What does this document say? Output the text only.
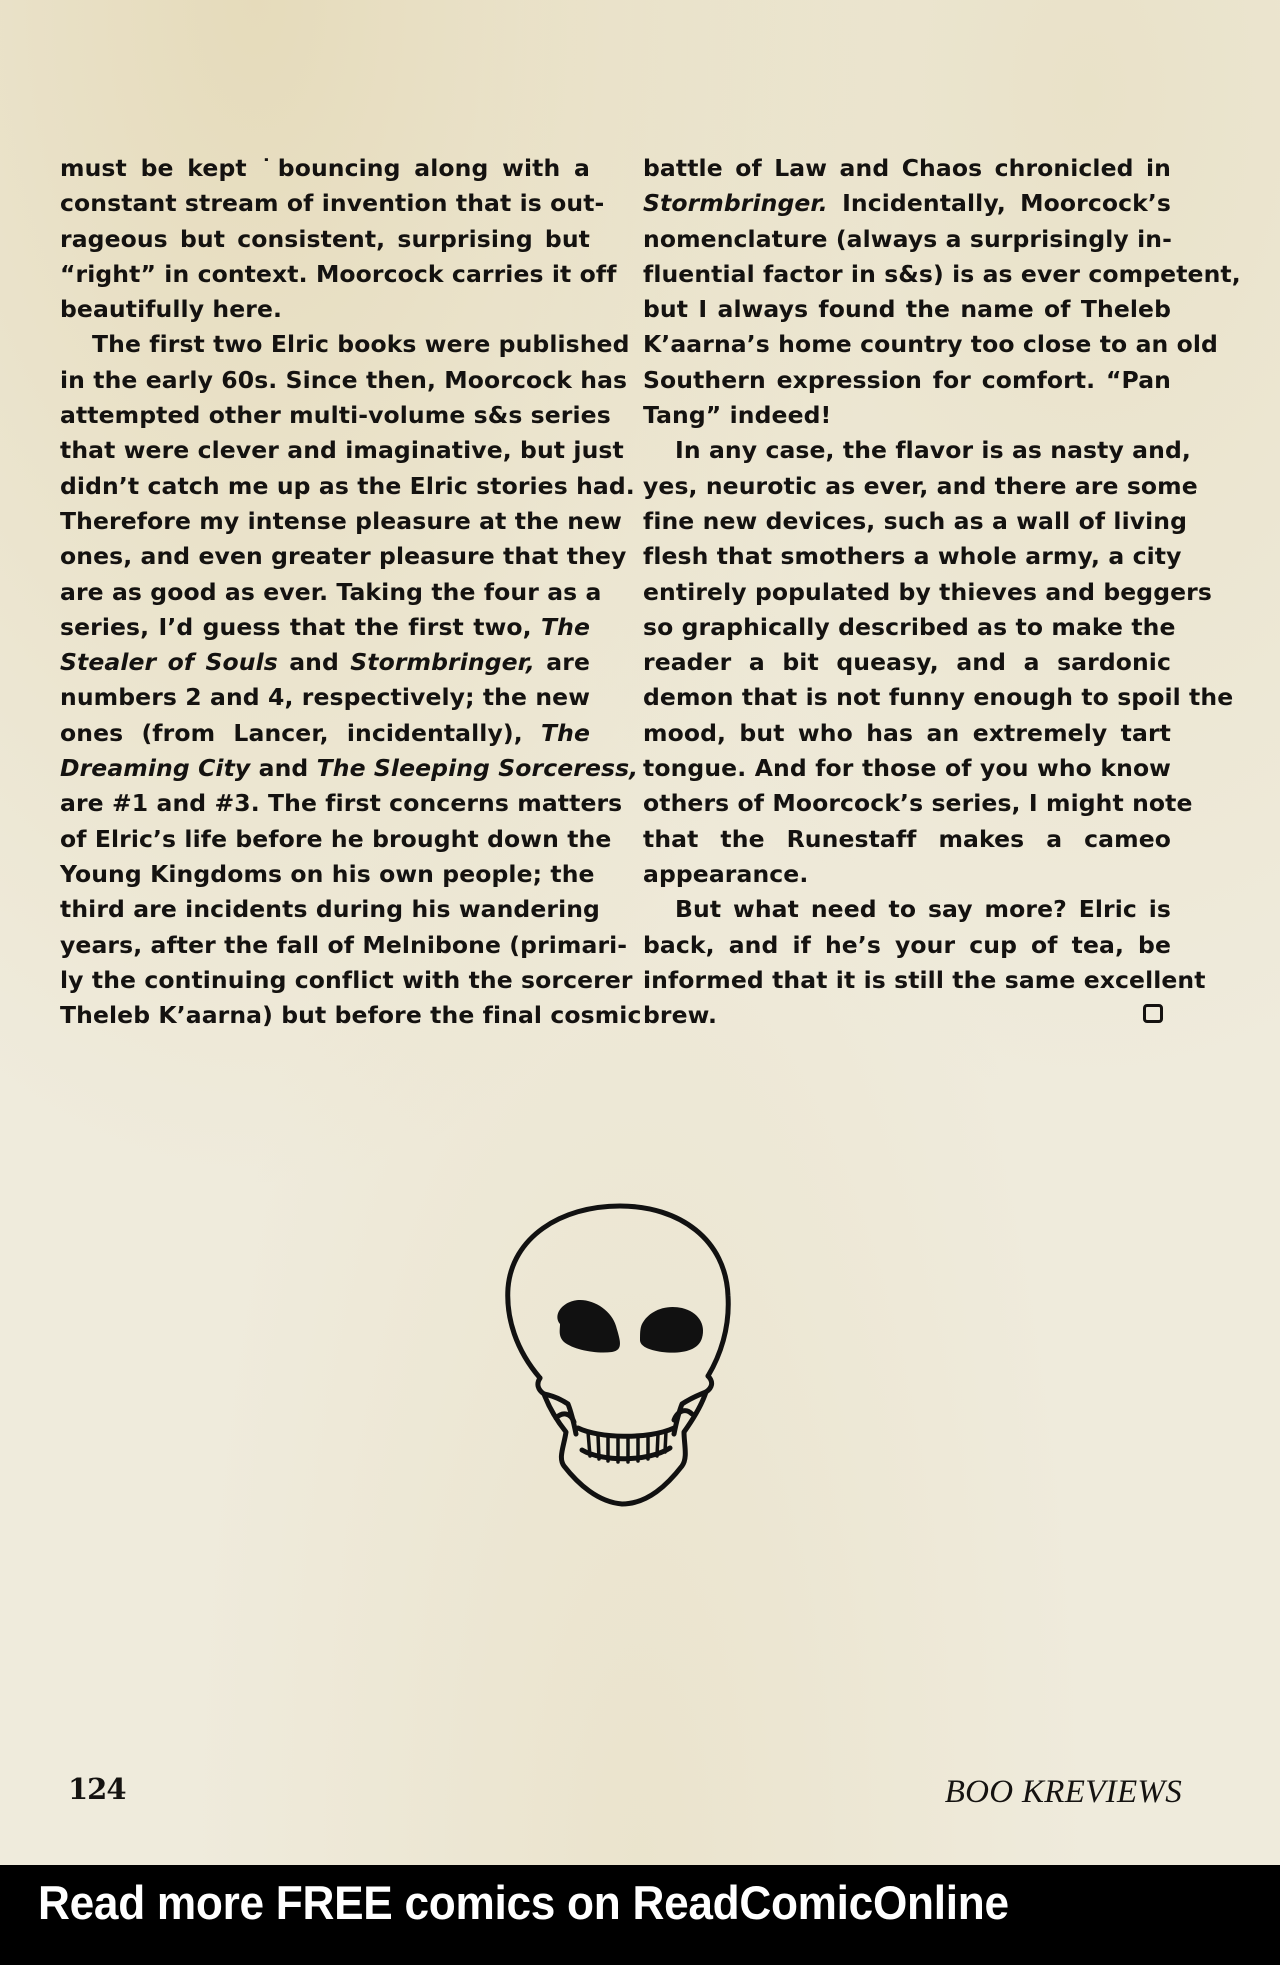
must be kept ˙bouncing along with a
constant stream of invention that is out-
rageous but consistent, surprising but
“right” in context. Moorcock carries it off
beautifully here.
The first two Elric books were published
in the early 60s. Since then, Moorcock has
attempted other multi-volume s&s series
that were clever and imaginative, but just
didn’t catch me up as the Elric stories had.
Therefore my intense pleasure at the new
ones, and even greater pleasure that they
are as good as ever. Taking the four as a
series, I’d guess that the first two, The
Stealer of Souls and Stormbringer, are
numbers 2 and 4, respectively; the new
ones (from Lancer, incidentally), The
Dreaming City and The Sleeping Sorceress,
are #1 and #3. The first concerns matters
of Elric’s life before he brought down the
Young Kingdoms on his own people; the
third are incidents during his wandering
years, after the fall of Melnibone (primari-
ly the continuing conflict with the sorcerer
Theleb K’aarna) but before the final cosmic
battle of Law and Chaos chronicled in
Stormbringer. Incidentally, Moorcock’s
nomenclature (always a surprisingly in-
fluential factor in s&s) is as ever competent,
but I always found the name of Theleb
K’aarna’s home country too close to an old
Southern expression for comfort. “Pan
Tang” indeed!
In any case, the flavor is as nasty and,
yes, neurotic as ever, and there are some
fine new devices, such as a wall of living
flesh that smothers a whole army, a city
entirely populated by thieves and beggers
so graphically described as to make the
reader a bit queasy, and a sardonic
demon that is not funny enough to spoil the
mood, but who has an extremely tart
tongue. And for those of you who know
others of Moorcock’s series, I might note
that the Runestaff makes a cameo
appearance.
But what need to say more? Elric is
back, and if he’s your cup of tea, be
informed that it is still the same excellent
brew.
124	BOO KREVIEWS
Read more FREE comics on ReadComicOnline
